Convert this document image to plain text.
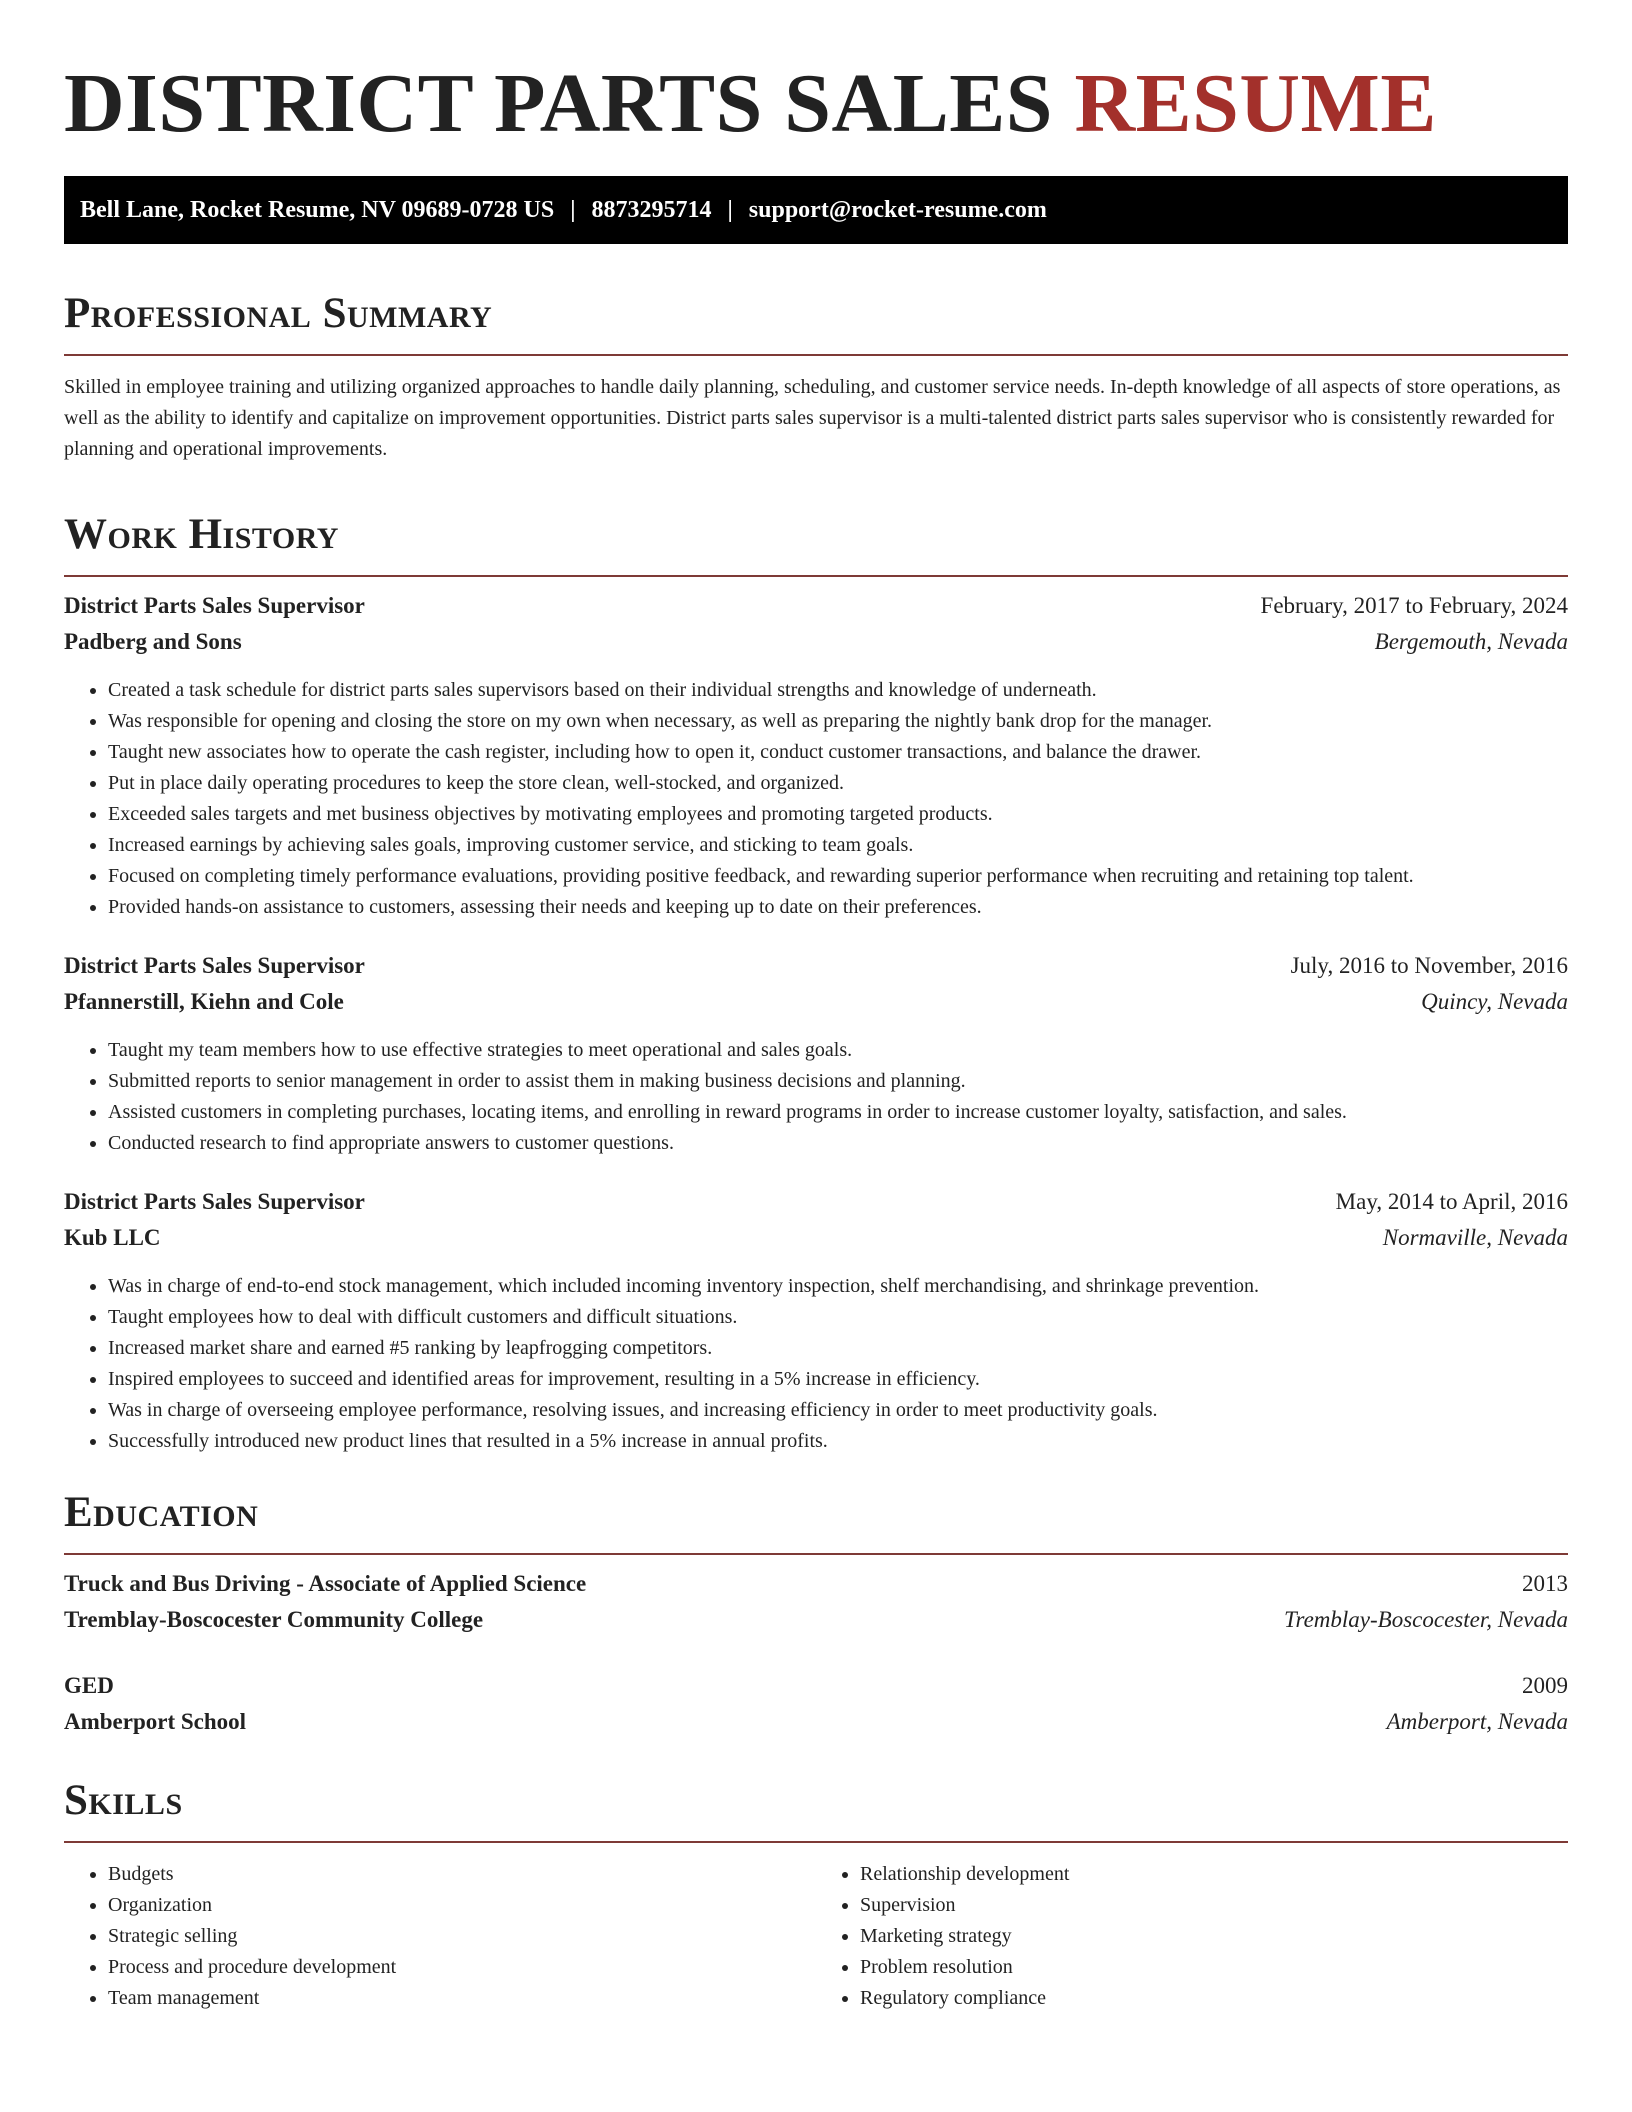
DISTRICT PARTS SALES RESUME
Bell Lane, Rocket Resume, NV 09689-0728 US | 8873295714 | support@rocket-resume.com
Professional Summary

Skilled in employee training and utilizing organized approaches to handle daily planning, scheduling, and customer service needs. In-depth knowledge of all aspects of store operations, as well as the ability to identify and capitalize on improvement opportunities. District parts sales supervisor is a multi-talented district parts sales supervisor who is consistently rewarded for planning and operational improvements.

Work History
District Parts Sales Supervisor	February, 2017 to February, 2024
Padberg and Sons	Bergemouth, Nevada
• Created a task schedule for district parts sales supervisors based on their individual strengths and knowledge of underneath.
• Was responsible for opening and closing the store on my own when necessary, as well as preparing the nightly bank drop for the manager.
• Taught new associates how to operate the cash register, including how to open it, conduct customer transactions, and balance the drawer.
• Put in place daily operating procedures to keep the store clean, well-stocked, and organized.
• Exceeded sales targets and met business objectives by motivating employees and promoting targeted products.
• Increased earnings by achieving sales goals, improving customer service, and sticking to team goals.
• Focused on completing timely performance evaluations, providing positive feedback, and rewarding superior performance when recruiting and retaining top talent.
• Provided hands-on assistance to customers, assessing their needs and keeping up to date on their preferences.
District Parts Sales Supervisor	July, 2016 to November, 2016
Pfannerstill, Kiehn and Cole	Quincy, Nevada
• Taught my team members how to use effective strategies to meet operational and sales goals.
• Submitted reports to senior management in order to assist them in making business decisions and planning.
• Assisted customers in completing purchases, locating items, and enrolling in reward programs in order to increase customer loyalty, satisfaction, and sales.
• Conducted research to find appropriate answers to customer questions.
District Parts Sales Supervisor	May, 2014 to April, 2016
Kub LLC	Normaville, Nevada
• Was in charge of end-to-end stock management, which included incoming inventory inspection, shelf merchandising, and shrinkage prevention.
• Taught employees how to deal with difficult customers and difficult situations.
• Increased market share and earned #5 ranking by leapfrogging competitors.
• Inspired employees to succeed and identified areas for improvement, resulting in a 5% increase in efficiency.
• Was in charge of overseeing employee performance, resolving issues, and increasing efficiency in order to meet productivity goals.
• Successfully introduced new product lines that resulted in a 5% increase in annual profits.
Education
Truck and Bus Driving - Associate of Applied Science	2013
Tremblay-Boscocester Community College	Tremblay-Boscocester, Nevada
GED	2009
Amberport School	Amberport, Nevada
Skills
• Budgets
• Organization
• Strategic selling
• Process and procedure development
• Team management
• Relationship development
• Supervision
• Marketing strategy
• Problem resolution
• Regulatory compliance
